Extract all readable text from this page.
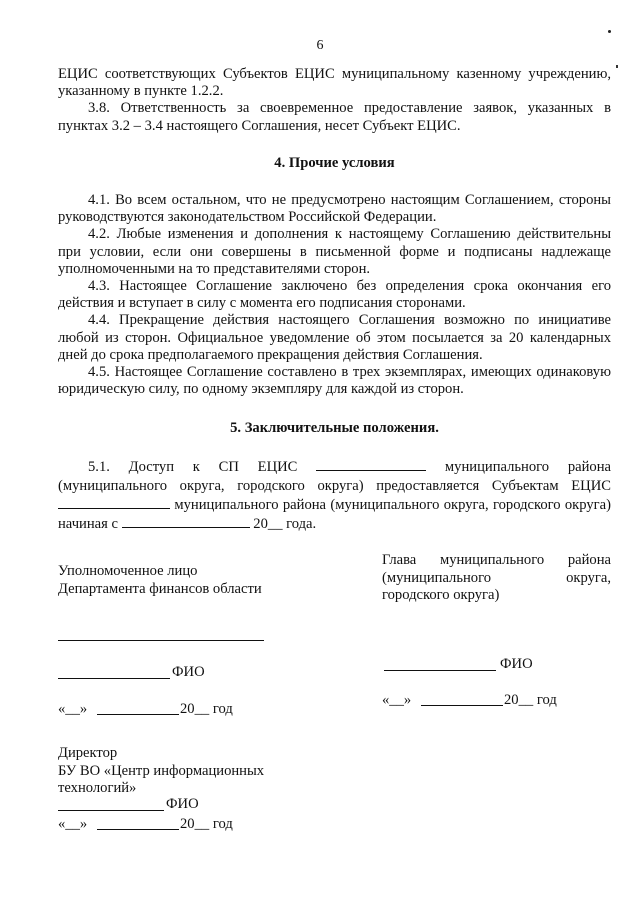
6

ЕЦИС соответствующих Субъектов ЕЦИС муниципальному казенному учреждению, указанному в пункте 1.2.2.

3.8. Ответственность за своевременное предоставление заявок, указанных в пунктах 3.2 – 3.4 настоящего Соглашения, несет Субъект ЕЦИС.

4. Прочие условия

4.1. Во всем остальном, что не предусмотрено настоящим Соглашением, стороны руководствуются законодательством Российской Федерации.

4.2. Любые изменения и дополнения к настоящему Соглашению действительны при условии, если они совершены в письменной форме и подписаны надлежаще уполномоченными на то представителями сторон.

4.3. Настоящее Соглашение заключено без определения срока окончания его действия и вступает в силу с момента его подписания сторонами.

4.4. Прекращение действия настоящего Соглашения возможно по инициативе любой из сторон. Официальное уведомление об этом посылается за 20 календарных дней до срока предполагаемого прекращения действия Соглашения.

4.5. Настоящее Соглашение составлено в трех экземплярах, имеющих одинаковую юридическую силу, по одному экземпляру для каждой из сторон.

5. Заключительные положения.

5.1. Доступ к СП ЕЦИС	муниципального района (муниципального округа, городского округа) предоставляется Субъектам ЕЦИС  муниципального района (муниципального округа, городского округа) начиная с	20__ года.

Уполномоченное лицо
Департамента финансов области
Глава муниципального района
(муниципального округа,
городского округа)
ФИО
«__»	20__ год
ФИО
«__»	20__ год
Директор
БУ ВО «Центр информационных
технологий»
ФИО
«__»	20__ год
